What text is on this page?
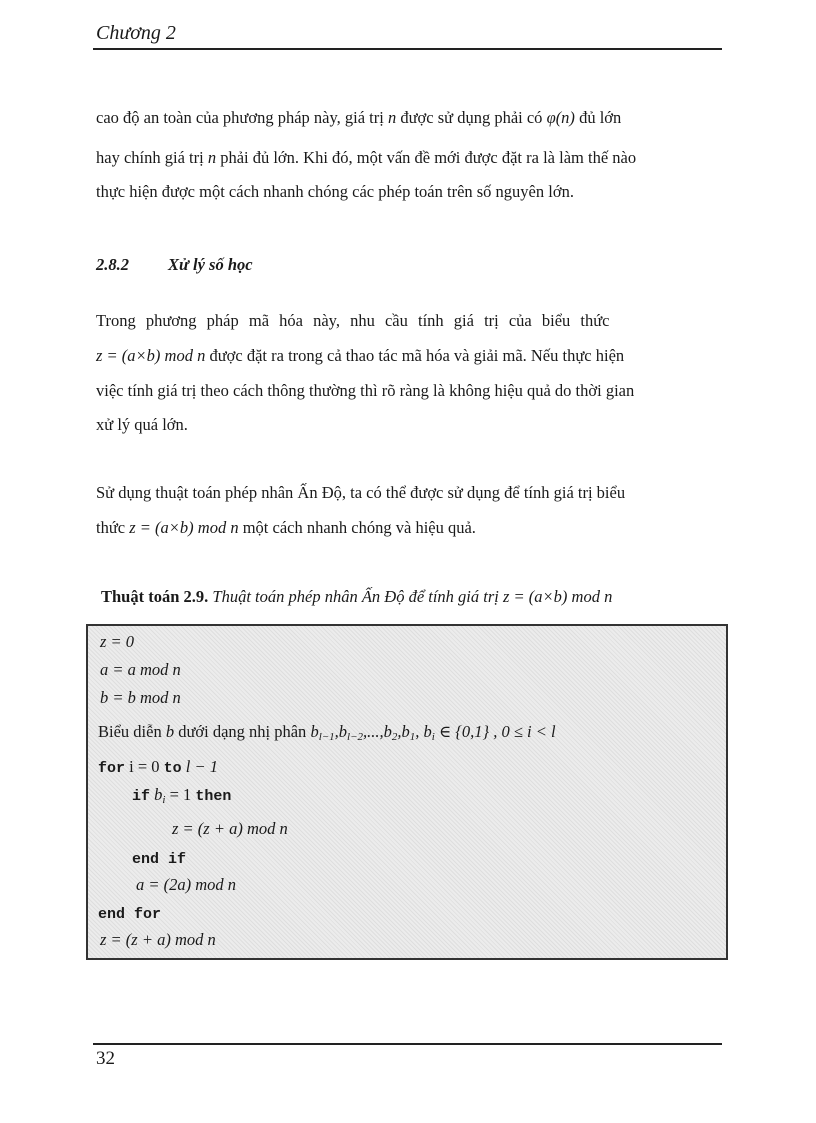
Chương 2
cao độ an toàn của phương pháp này, giá trị n được sử dụng phải có φ(n) đủ lớn
hay chính giá trị n phải đủ lớn. Khi đó, một vấn đề mới được đặt ra là làm thế nào
thực hiện được một cách nhanh chóng các phép toán trên số nguyên lớn.
2.8.2 Xử lý số học
Trong phương pháp mã hóa này, nhu cầu tính giá trị của biểu thức
z = (a×b) mod n được đặt ra trong cả thao tác mã hóa và giải mã. Nếu thực hiện
việc tính giá trị theo cách thông thường thì rõ ràng là không hiệu quả do thời gian
xử lý quá lớn.
Sử dụng thuật toán phép nhân Ấn Độ, ta có thể được sử dụng để tính giá trị biểu
thức z = (a×b) mod n một cách nhanh chóng và hiệu quả.
Thuật toán 2.9. Thuật toán phép nhân Ấn Độ để tính giá trị z = (a×b) mod n
z = 0
a = a mod n
b = b mod n
Biểu diễn b dưới dạng nhị phân $b_{l-1},b_{l-2},...,b_2,b_1$, $b_i$ ∈ {0,1} , 0 ≤ i < l
for i = 0 to l − 1
if $b_i = 1$ then
z = (z + a) mod n
end if
a = (2a) mod n
end for
z = (z + a) mod n
32
